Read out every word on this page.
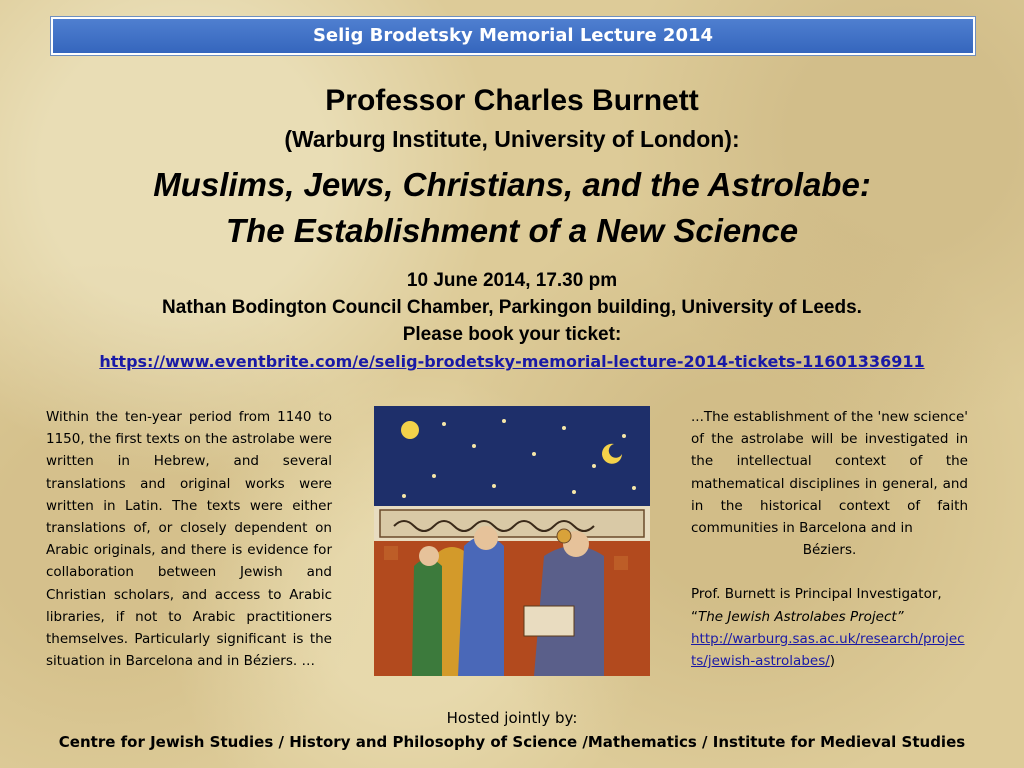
Selig Brodetsky Memorial Lecture 2014
Professor Charles Burnett
(Warburg Institute, University of London):
Muslims, Jews, Christians, and the Astrolabe:
The Establishment of a New Science
10 June 2014, 17.30 pm
Nathan Bodington Council Chamber, Parkingon building, University of Leeds.
Please book your ticket:
https://www.eventbrite.com/e/selig-brodetsky-memorial-lecture-2014-tickets-11601336911
Within the ten-year period from 1140 to 1150, the first texts on the astrolabe were written in Hebrew, and several translations and original works were written in Latin. The texts were either translations of, or closely dependent on Arabic originals, and there is evidence for collaboration between Jewish and Christian scholars, and access to Arabic libraries, if not to Arabic practitioners themselves. Particularly significant is the situation in Barcelona and in Béziers. …
...The establishment of the 'new science' of the astrolabe will be investigated in the intellectual context of the mathematical disciplines in general, and in the historical context of faith communities in Barcelona and in
Béziers.
Prof. Burnett is Principal Investigator,
“The Jewish Astrolabes Project”
http://warburg.sas.ac.uk/research/projects/jewish-astrolabes/)
Hosted jointly by:
Centre for Jewish Studies / History and Philosophy of Science /Mathematics / Institute for Medieval Studies
